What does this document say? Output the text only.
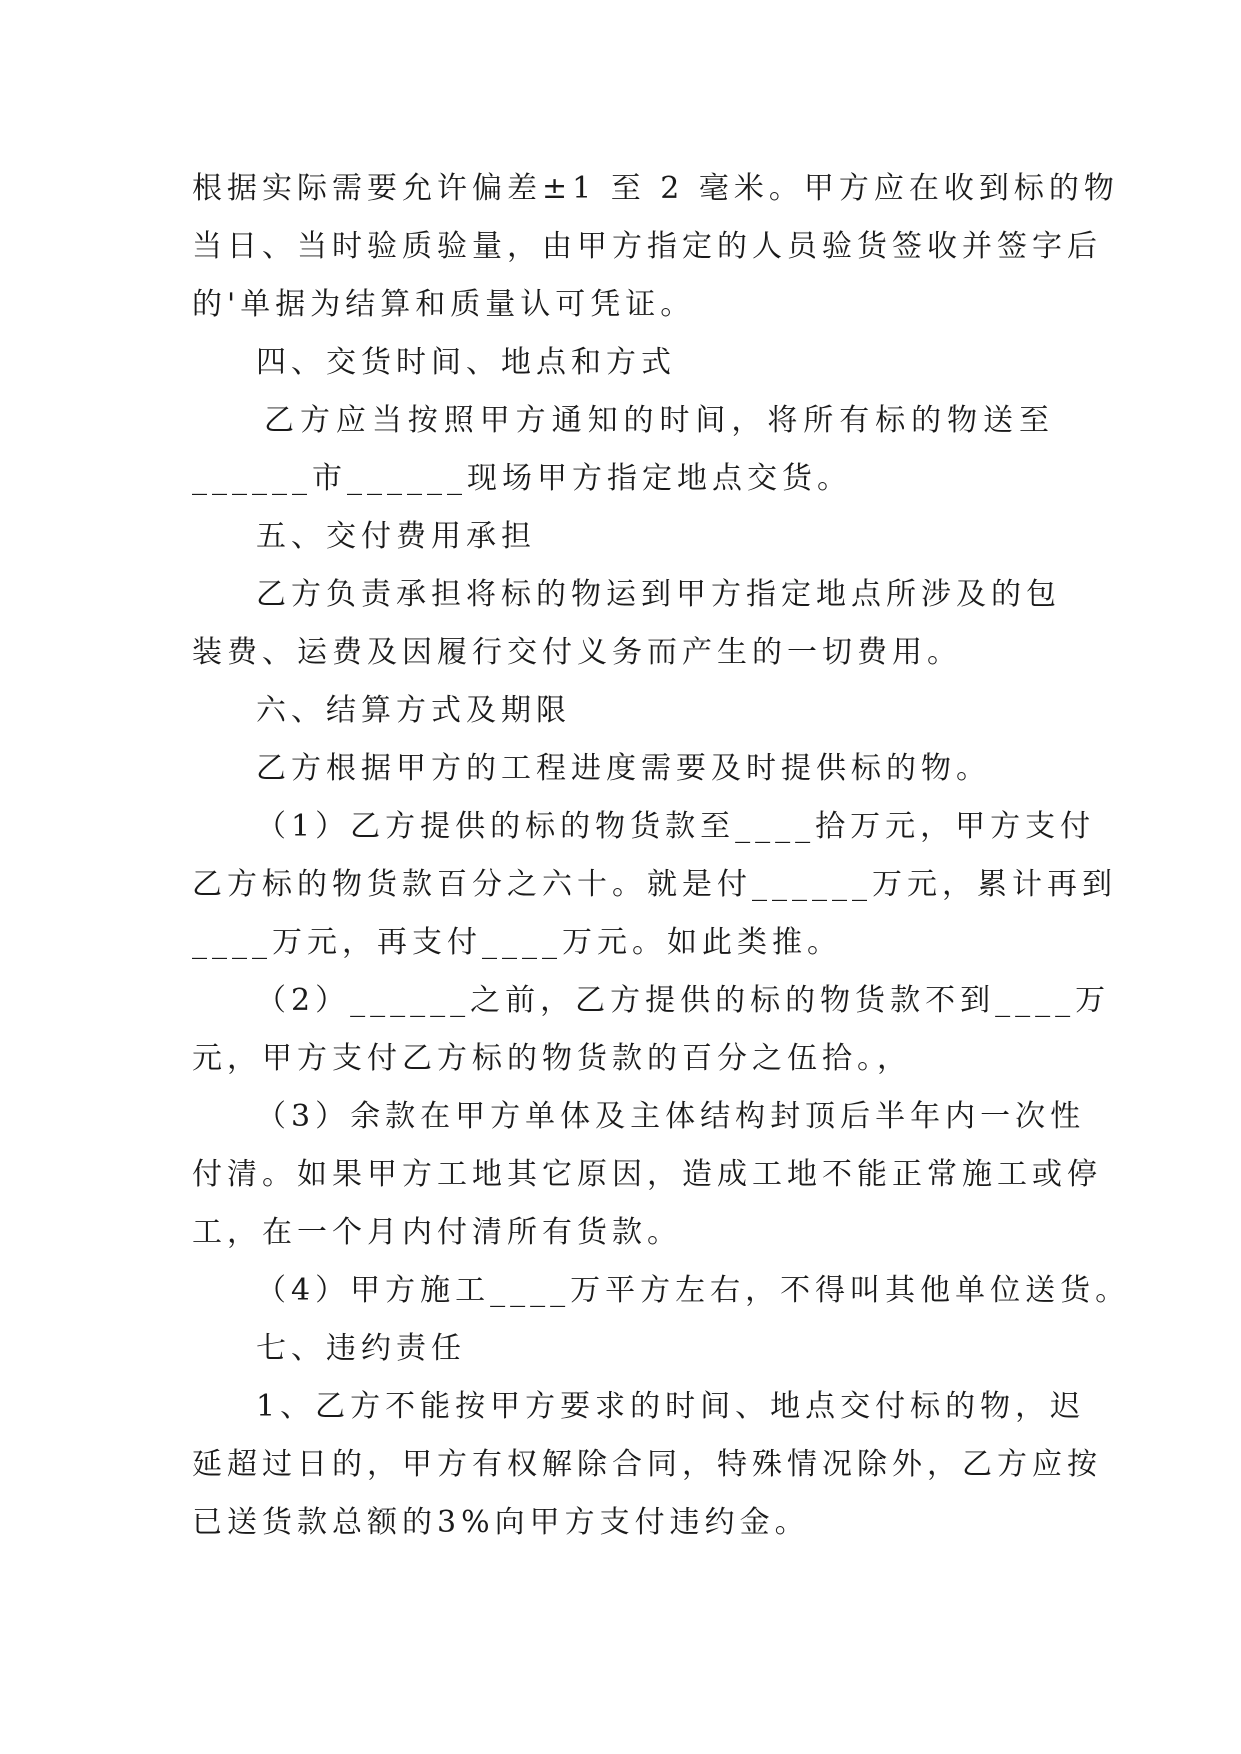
根据实际需要允许偏差±1 至 2 毫米。甲方应在收到标的物
当日、当时验质验量，由甲方指定的人员验货签收并签字后
的'单据为结算和质量认可凭证。
四、交货时间、地点和方式
乙方应当按照甲方通知的时间，将所有标的物送至
______市______现场甲方指定地点交货。
五、交付费用承担
乙方负责承担将标的物运到甲方指定地点所涉及的包
装费、运费及因履行交付义务而产生的一切费用。
六、结算方式及期限
乙方根据甲方的工程进度需要及时提供标的物。
（1）乙方提供的标的物货款至____拾万元，甲方支付
乙方标的物货款百分之六十。就是付______万元，累计再到
____万元，再支付____万元。如此类推。
（2）______之前，乙方提供的标的物货款不到____万
元，甲方支付乙方标的物货款的百分之伍拾。，
（3）余款在甲方单体及主体结构封顶后半年内一次性
付清。如果甲方工地其它原因，造成工地不能正常施工或停
工，在一个月内付清所有货款。
（4）甲方施工____万平方左右，不得叫其他单位送货。
七、违约责任
1、乙方不能按甲方要求的时间、地点交付标的物，迟
延超过日的，甲方有权解除合同，特殊情况除外，乙方应按
已送货款总额的3%向甲方支付违约金。
